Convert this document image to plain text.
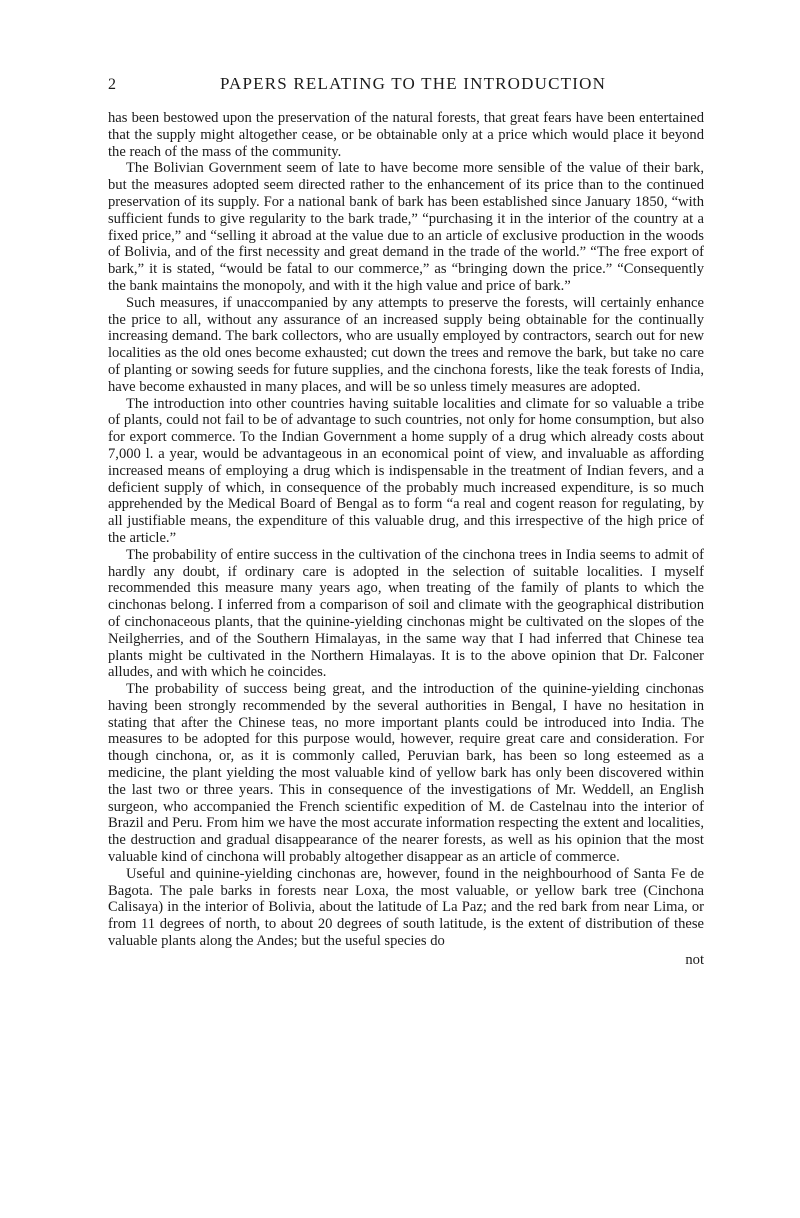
2	PAPERS RELATING TO THE INTRODUCTION

has been bestowed upon the preservation of the natural forests, that great fears have been entertained that the supply might altogether cease, or be obtainable only at a price which would place it beyond the reach of the mass of the community.

The Bolivian Government seem of late to have become more sensible of the value of their bark, but the measures adopted seem directed rather to the enhancement of its price than to the continued preservation of its supply. For a national bank of bark has been established since January 1850, “with sufficient funds to give regularity to the bark trade,” “purchasing it in the interior of the country at a fixed price,” and “selling it abroad at the value due to an article of exclusive production in the woods of Bolivia, and of the first necessity and great demand in the trade of the world.” “The free export of bark,” it is stated, “would be fatal to our commerce,” as “bringing down the price.” “Consequently the bank maintains the monopoly, and with it the high value and price of bark.”

Such measures, if unaccompanied by any attempts to preserve the forests, will certainly enhance the price to all, without any assurance of an increased supply being obtainable for the continually increasing demand. The bark collectors, who are usually employed by contractors, search out for new localities as the old ones become exhausted; cut down the trees and remove the bark, but take no care of planting or sowing seeds for future supplies, and the cinchona forests, like the teak forests of India, have become exhausted in many places, and will be so unless timely measures are adopted.

The introduction into other countries having suitable localities and climate for so valuable a tribe of plants, could not fail to be of advantage to such countries, not only for home consumption, but also for export commerce. To the Indian Government a home supply of a drug which already costs about 7,000 l. a year, would be advantageous in an economical point of view, and invaluable as affording increased means of employing a drug which is indispensable in the treatment of Indian fevers, and a deficient supply of which, in consequence of the probably much increased expenditure, is so much apprehended by the Medical Board of Bengal as to form “a real and cogent reason for regulating, by all justifiable means, the expenditure of this valuable drug, and this irrespective of the high price of the article.”

The probability of entire success in the cultivation of the cinchona trees in India seems to admit of hardly any doubt, if ordinary care is adopted in the selection of suitable localities. I myself recommended this measure many years ago, when treating of the family of plants to which the cinchonas belong. I inferred from a comparison of soil and climate with the geographical distribution of cinchonaceous plants, that the quinine-yielding cinchonas might be cultivated on the slopes of the Neilgherries, and of the Southern Himalayas, in the same way that I had inferred that Chinese tea plants might be cultivated in the Northern Himalayas. It is to the above opinion that Dr. Falconer alludes, and with which he coincides.

The probability of success being great, and the introduction of the quinine-yielding cinchonas having been strongly recommended by the several authorities in Bengal, I have no hesitation in stating that after the Chinese teas, no more important plants could be introduced into India. The measures to be adopted for this purpose would, however, require great care and consideration. For though cinchona, or, as it is commonly called, Peruvian bark, has been so long esteemed as a medicine, the plant yielding the most valuable kind of yellow bark has only been discovered within the last two or three years. This in consequence of the investigations of Mr. Weddell, an English surgeon, who accompanied the French scientific expedition of M. de Castelnau into the interior of Brazil and Peru. From him we have the most accurate information respecting the extent and localities, the destruction and gradual disappearance of the nearer forests, as well as his opinion that the most valuable kind of cinchona will probably altogether disappear as an article of commerce.

Useful and quinine-yielding cinchonas are, however, found in the neighbourhood of Santa Fe de Bagota. The pale barks in forests near Loxa, the most valuable, or yellow bark tree (Cinchona Calisaya) in the interior of Bolivia, about the latitude of La Paz; and the red bark from near Lima, or from 11 degrees of north, to about 20 degrees of south latitude, is the extent of distribution of these valuable plants along the Andes; but the useful species do

not
